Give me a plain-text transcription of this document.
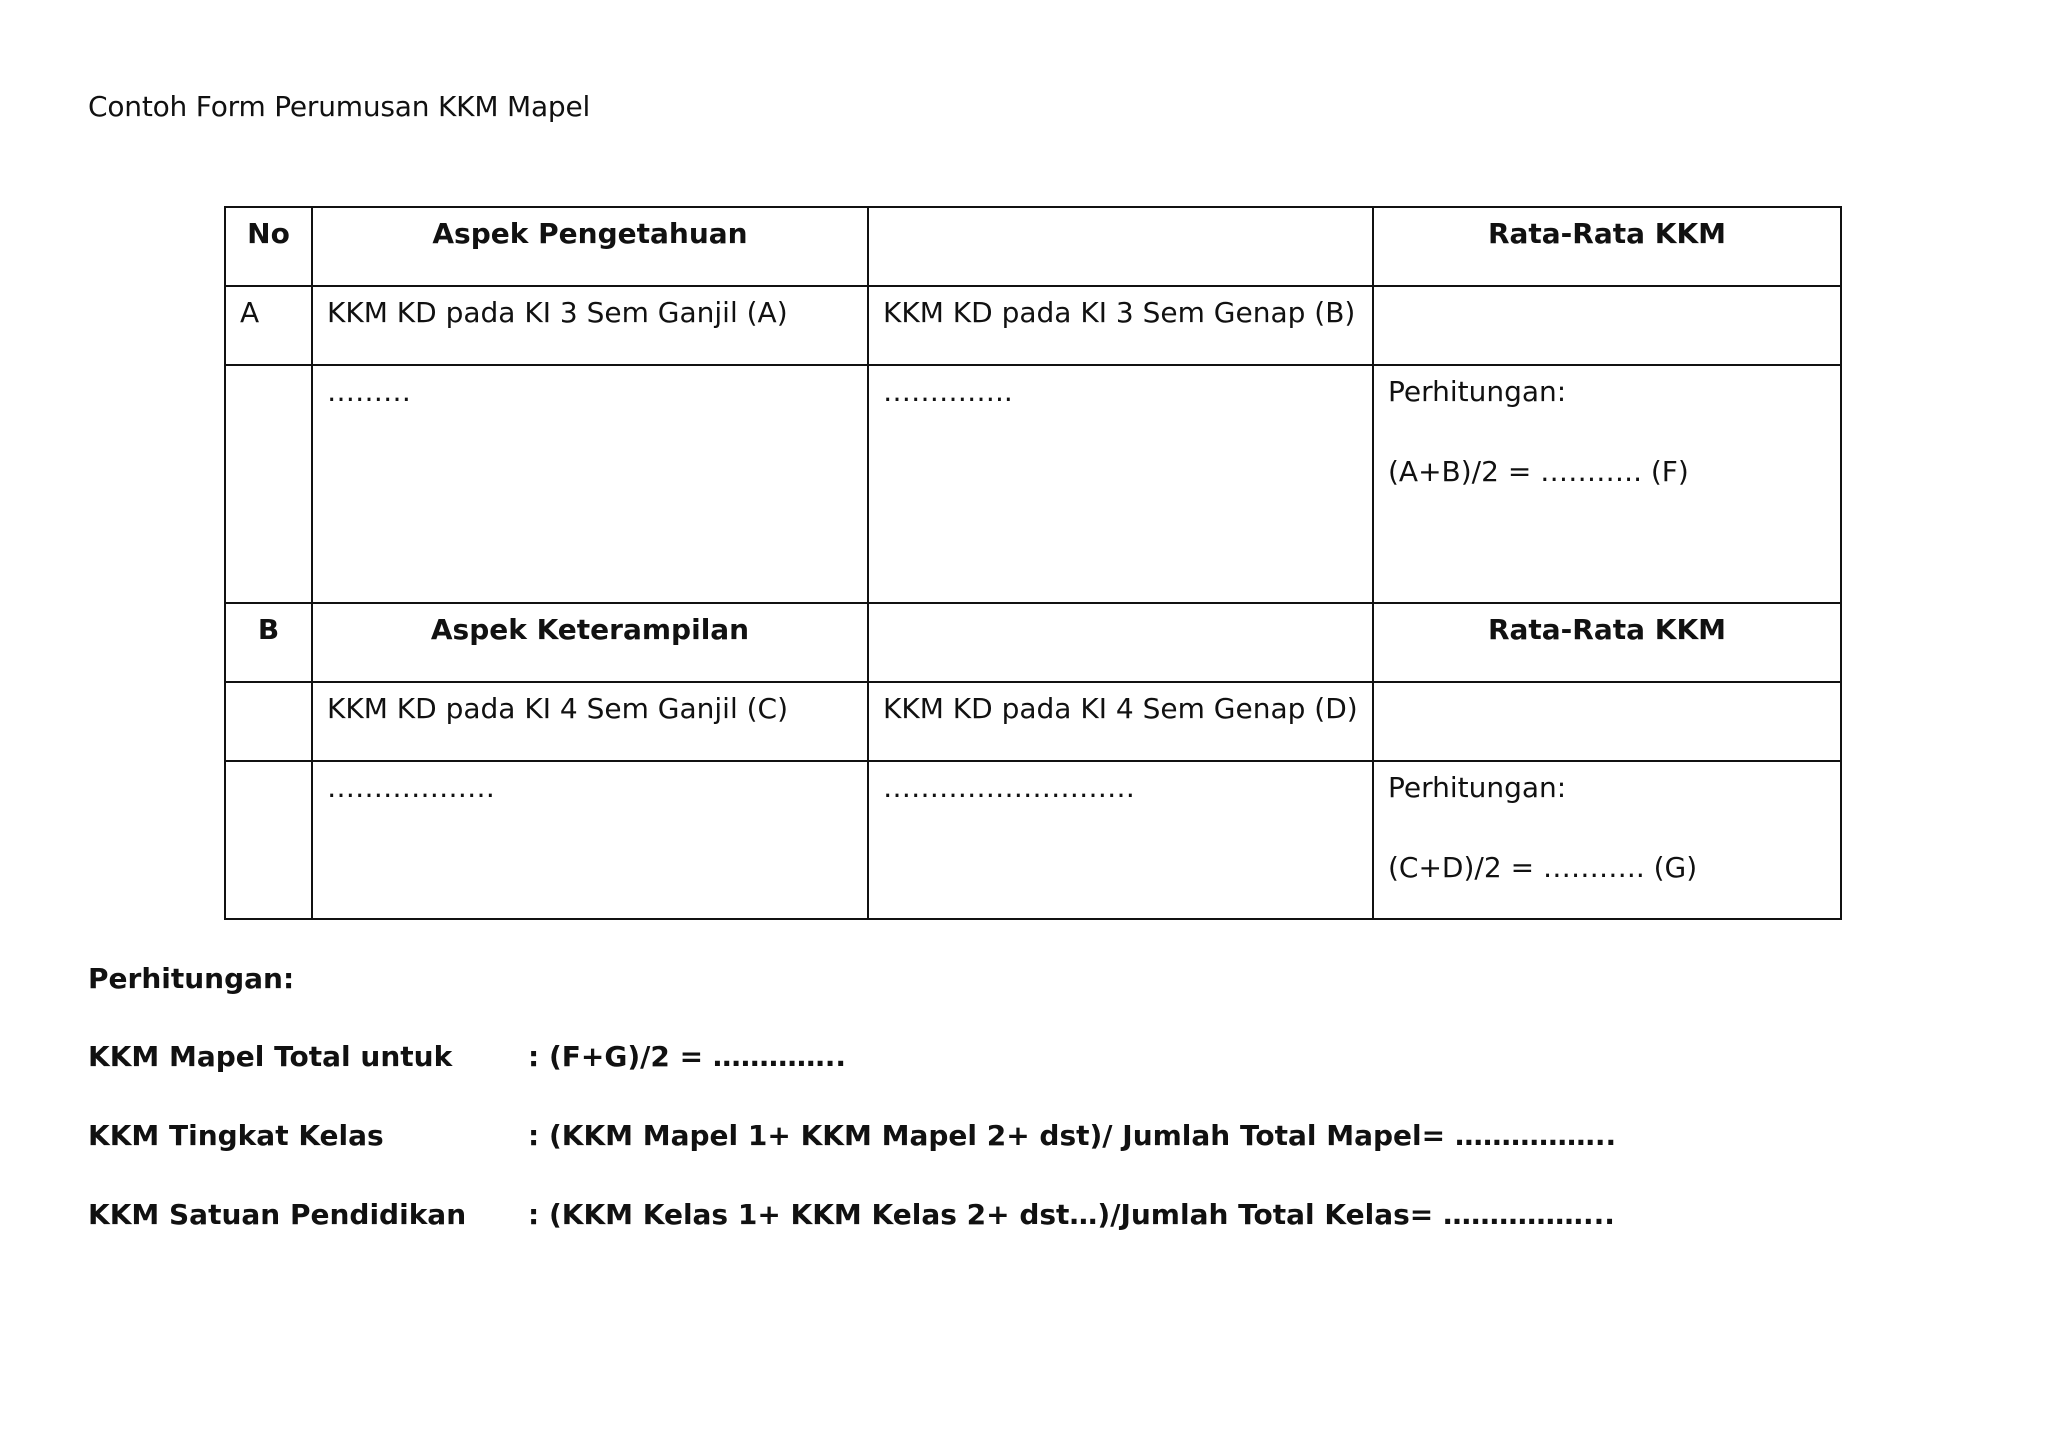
Contoh Form Perumusan KKM Mapel
No	Aspek Pengetahuan		Rata-Rata KKM

A	KKM KD pada KI 3 Sem Ganjil (A)	KKM KD pada KI 3 Sem Genap (B)	

	………	…………..	Perhitungan:
(A+B)/2 = ……….. (F)

B	Aspek Keterampilan		Rata-Rata KKM

	KKM KD pada KI 4 Sem Ganjil (C)	KKM KD pada KI 4 Sem Genap (D)	

	………………	………………………	Perhitungan:
(C+D)/2 = ……….. (G)
Perhitungan:
KKM Mapel Total untuk	: (F+G)/2 = …………..
KKM Tingkat Kelas	: (KKM Mapel 1+ KKM Mapel 2+ dst)/ Jumlah Total Mapel= ……………..
KKM Satuan Pendidikan : (KKM Kelas 1+ KKM Kelas 2+ dst…)/Jumlah Total Kelas= ……………...
